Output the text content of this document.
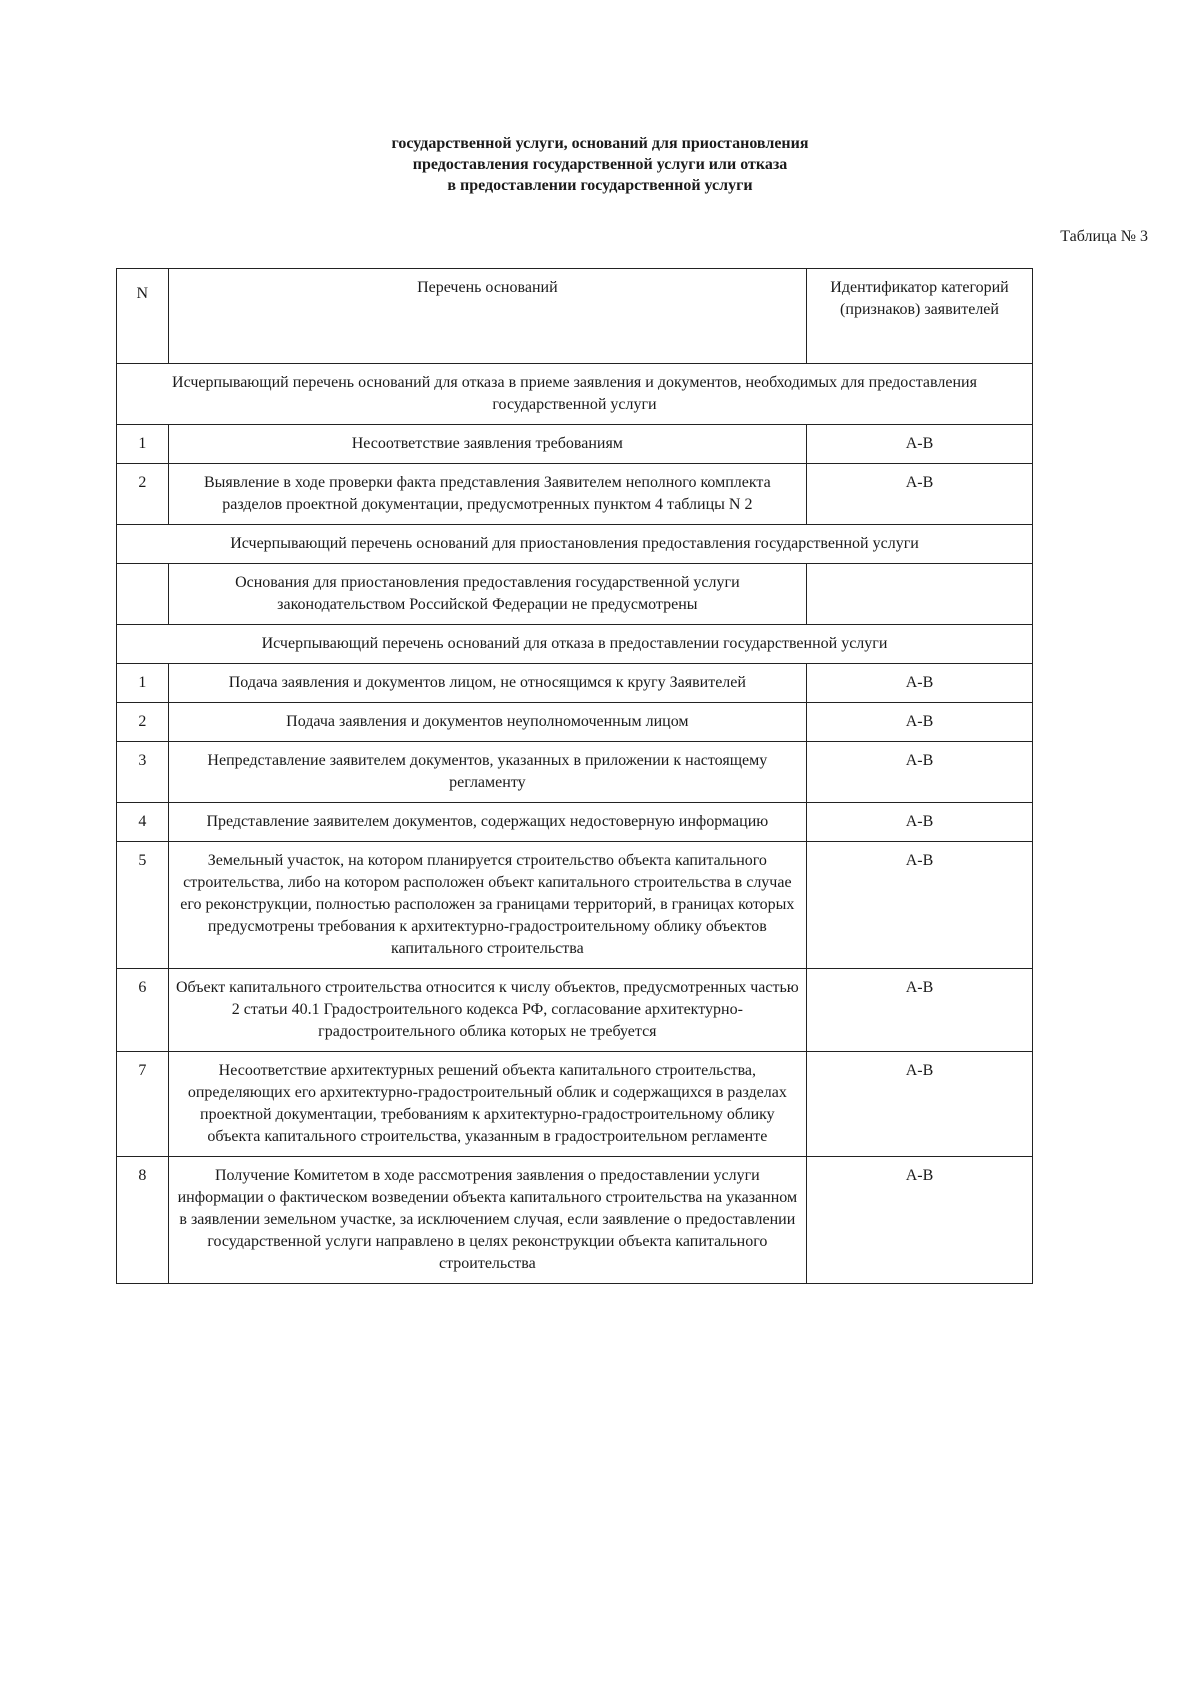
государственной услуги, оснований для приостановления
предоставления государственной услуги или отказа
в предоставлении государственной услуги
Таблица № 3
N	Перечень оснований	Идентификатор категорий (признаков) заявителей
Исчерпывающий перечень оснований для отказа в приеме заявления и документов, необходимых для предоставления государственной услуги		
1	Несоответствие заявления требованиям	А-В
2	Выявление в ходе проверки факта представления Заявителем неполного комплекта разделов проектной документации, предусмотренных пунктом 4 таблицы N 2	А-В
Исчерпывающий перечень оснований для приостановления предоставления государственной услуги		
	Основания для приостановления предоставления государственной услуги законодательством Российской Федерации не предусмотрены	
Исчерпывающий перечень оснований для отказа в предоставлении государственной услуги		
1	Подача заявления и документов лицом, не относящимся к кругу Заявителей	А-В
2	Подача заявления и документов неуполномоченным лицом	А-В
3	Непредставление заявителем документов, указанных в приложении к настоящему регламенту	А-В
4	Представление заявителем документов, содержащих недостоверную информацию	А-В
5	Земельный участок, на котором планируется строительство объекта капитального строительства, либо на котором расположен объект капитального строительства в случае его реконструкции, полностью расположен за границами территорий, в границах которых предусмотрены требования к архитектурно-градостроительному облику объектов капитального строительства	А-В
6	Объект капитального строительства относится к числу объектов, предусмотренных частью 2 статьи 40.1 Градостроительного кодекса РФ, согласование архитектурно-градостроительного облика которых не требуется	А-В
7	Несоответствие архитектурных решений объекта капитального строительства, определяющих его архитектурно-градостроительный облик и содержащихся в разделах проектной документации, требованиям к архитектурно-градостроительному облику объекта капитального строительства, указанным в градостроительном регламенте	А-В
8	Получение Комитетом в ходе рассмотрения заявления о предоставлении услуги информации о фактическом возведении объекта капитального строительства на указанном в заявлении земельном участке, за исключением случая, если заявление о предоставлении государственной услуги направлено в целях реконструкции объекта капитального строительства	А-В
